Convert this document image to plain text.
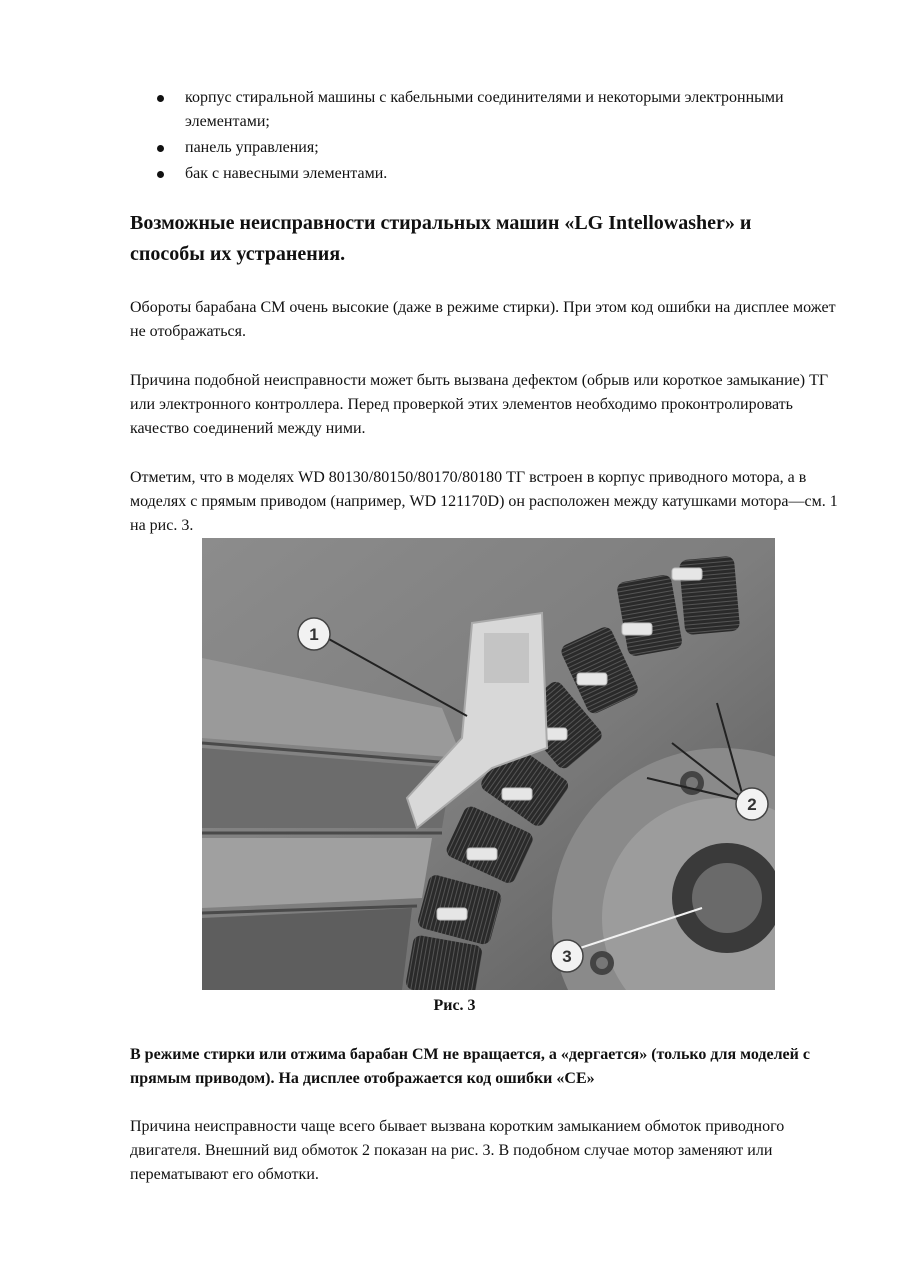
корпус стиральной машины с кабельными соединителями и некоторыми электронными элементами;
панель управления;
бак с навесными элементами.
Возможные неисправности стиральных машин «LG Intellowasher» и способы их устранения.

Обороты барабана СМ очень высокие (даже в режиме стирки). При этом код ошибки на дисплее может не отображаться.

Причина подобной неисправности может быть вызвана дефектом (обрыв или короткое замыкание) ТГ или электронного контроллера. Перед проверкой этих элементов необходимо проконтролировать качество соединений между ними.

Отметим, что в моделях WD 80130/80150/80170/80180 ТГ встроен в корпус приводного мотора, а в моделях с прямым приводом (например, WD 121170D) он расположен между катушками мотора—см. 1 на рис. 3.

1
2
3
Рис. 3

В режиме стирки или отжима барабан СМ не вращается, а «дергается» (только для моделей с прямым приводом). На дисплее отображается код ошибки «СЕ»

Причина неисправности чаще всего бывает вызвана коротким замыканием обмоток приводного двигателя. Внешний вид обмоток 2 показан на рис. 3. В подобном случае мотор заменяют или перематывают его обмотки.
